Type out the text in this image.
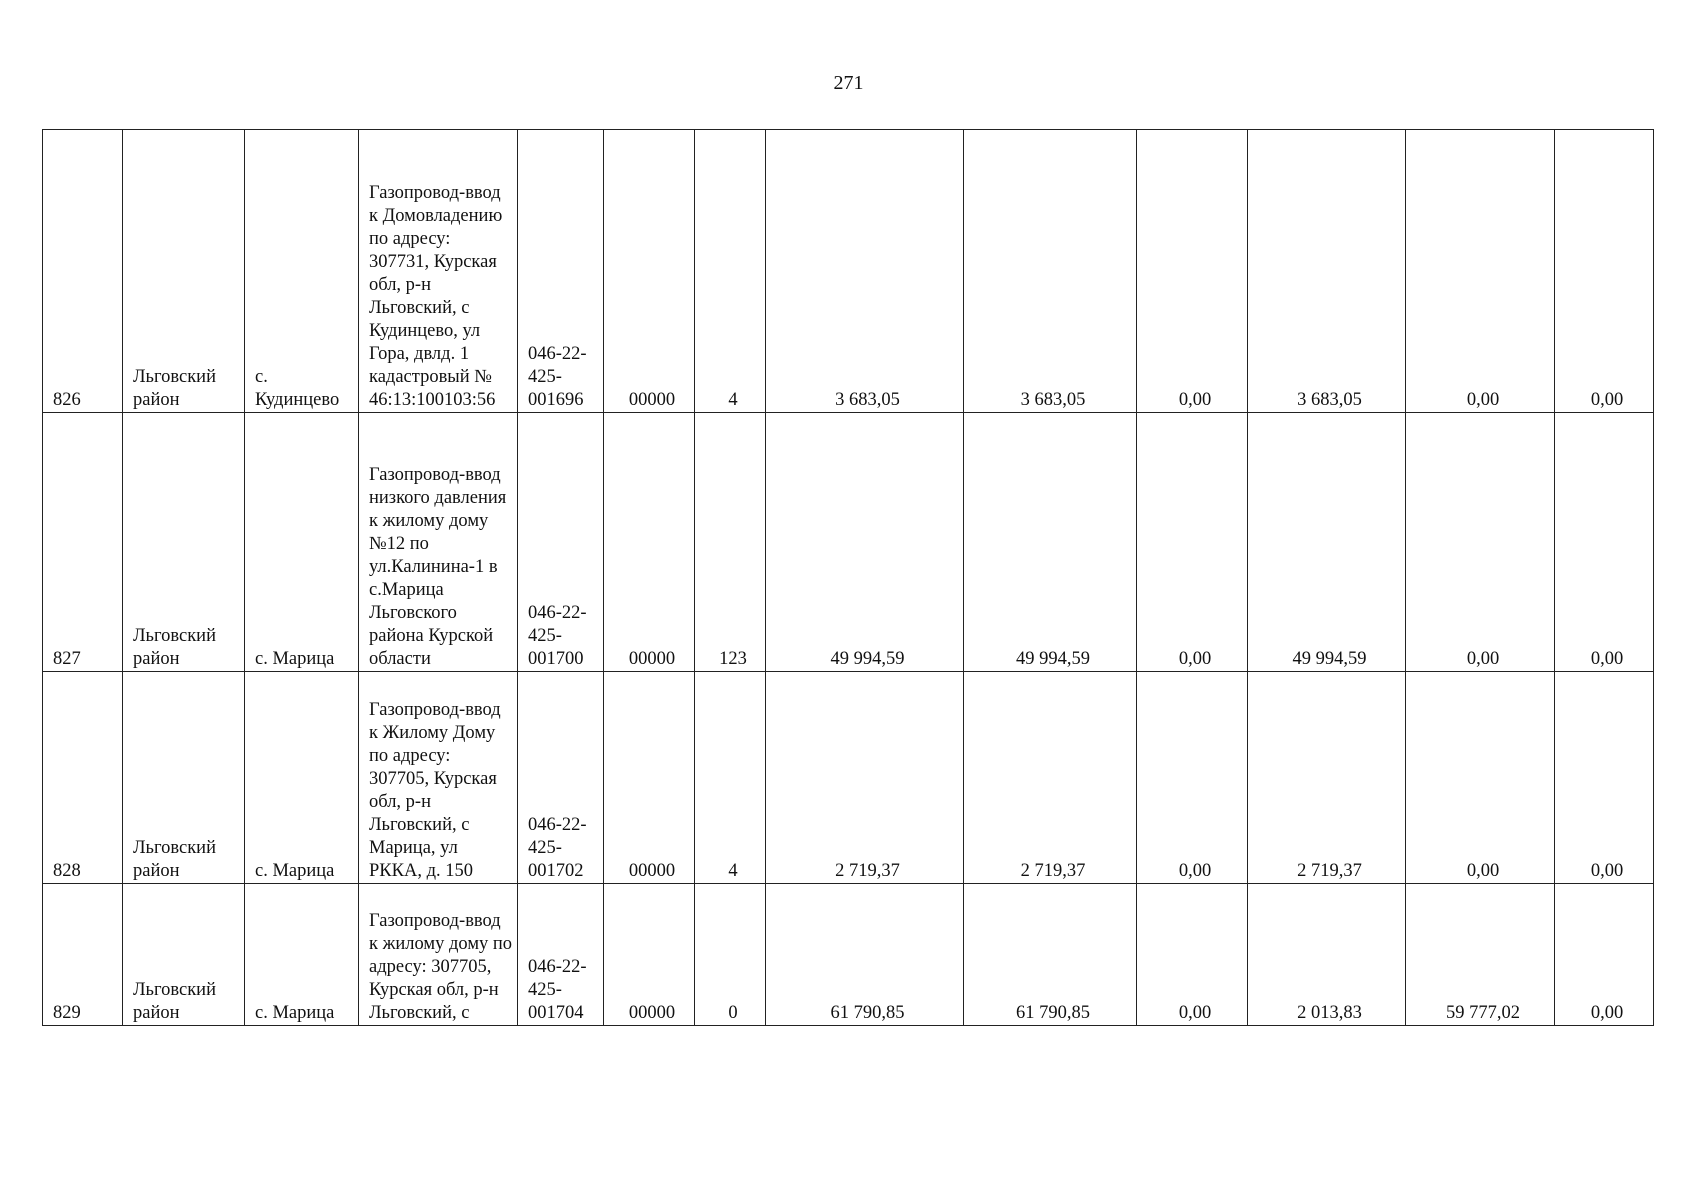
271
826	Льговский район	с. Кудинцево	Газопровод-ввод к Домовладению по адресу: 307731, Курская обл, р-н Льговский, с Кудинцево, ул Гора, двлд. 1 кадастровый № 46:13:100103:56	046-22-425-001696	00000	4	3 683,05	3 683,05	0,00	3 683,05	0,00	0,00
827	Льговский район	с. Марица	Газопровод-ввод низкого давления к жилому дому №12 по ул.Калинина-1 в с.Марица Льговского района Курской области	046-22-425-001700	00000	123	49 994,59	49 994,59	0,00	49 994,59	0,00	0,00
828	Льговский район	с. Марица	Газопровод-ввод к Жилому Дому по адресу: 307705, Курская обл, р-н Льговский, с Марица, ул РККА, д. 150	046-22-425-001702	00000	4	2 719,37	2 719,37	0,00	2 719,37	0,00	0,00
829	Льговский район	с. Марица	Газопровод-ввод к жилому дому по адресу: 307705, Курская обл, р-н Льговский, с	046-22-425-001704	00000	0	61 790,85	61 790,85	0,00	2 013,83	59 777,02	0,00
